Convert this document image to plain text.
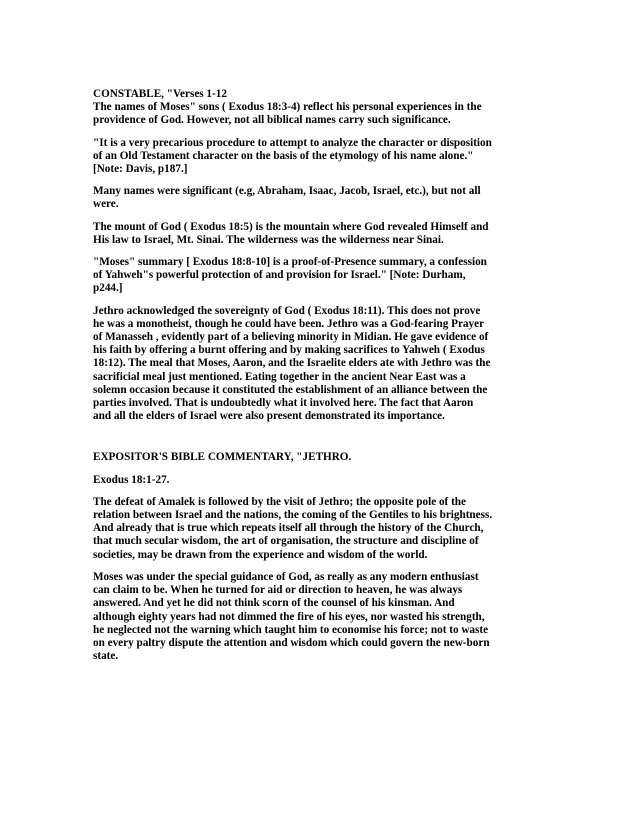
CONSTABLE, "Verses 1-12
The names of Moses" sons ( Exodus 18:3-4) reflect his personal experiences in the
providence of God. However, not all biblical names carry such significance.

"It is a very precarious procedure to attempt to analyze the character or disposition
of an Old Testament character on the basis of the etymology of his name alone."
[Note: Davis, p187.]

Many names were significant (e.g, Abraham, Isaac, Jacob, Israel, etc.), but not all
were.

The mount of God ( Exodus 18:5) is the mountain where God revealed Himself and
His law to Israel, Mt. Sinai. The wilderness was the wilderness near Sinai.

"Moses" summary [ Exodus 18:8-10] is a proof-of-Presence summary, a confession
of Yahweh"s powerful protection of and provision for Israel." [Note: Durham,
p244.]

Jethro acknowledged the sovereignty of God ( Exodus 18:11). This does not prove
he was a monotheist, though he could have been. Jethro was a God-fearing Prayer
of Manasseh , evidently part of a believing minority in Midian. He gave evidence of
his faith by offering a burnt offering and by making sacrifices to Yahweh ( Exodus
18:12). The meal that Moses, Aaron, and the Israelite elders ate with Jethro was the
sacrificial meal just mentioned. Eating together in the ancient Near East was a
solemn occasion because it constituted the establishment of an alliance between the
parties involved. That is undoubtedly what it involved here. The fact that Aaron
and all the elders of Israel were also present demonstrated its importance.

EXPOSITOR'S BIBLE COMMENTARY, "JETHRO.

Exodus 18:1-27.

The defeat of Amalek is followed by the visit of Jethro; the opposite pole of the
relation between Israel and the nations, the coming of the Gentiles to his brightness.
And already that is true which repeats itself all through the history of the Church,
that much secular wisdom, the art of organisation, the structure and discipline of
societies, may be drawn from the experience and wisdom of the world.

Moses was under the special guidance of God, as really as any modern enthusiast
can claim to be. When he turned for aid or direction to heaven, he was always
answered. And yet he did not think scorn of the counsel of his kinsman. And
although eighty years had not dimmed the fire of his eyes, nor wasted his strength,
he neglected not the warning which taught him to economise his force; not to waste
on every paltry dispute the attention and wisdom which could govern the new-born
state.
